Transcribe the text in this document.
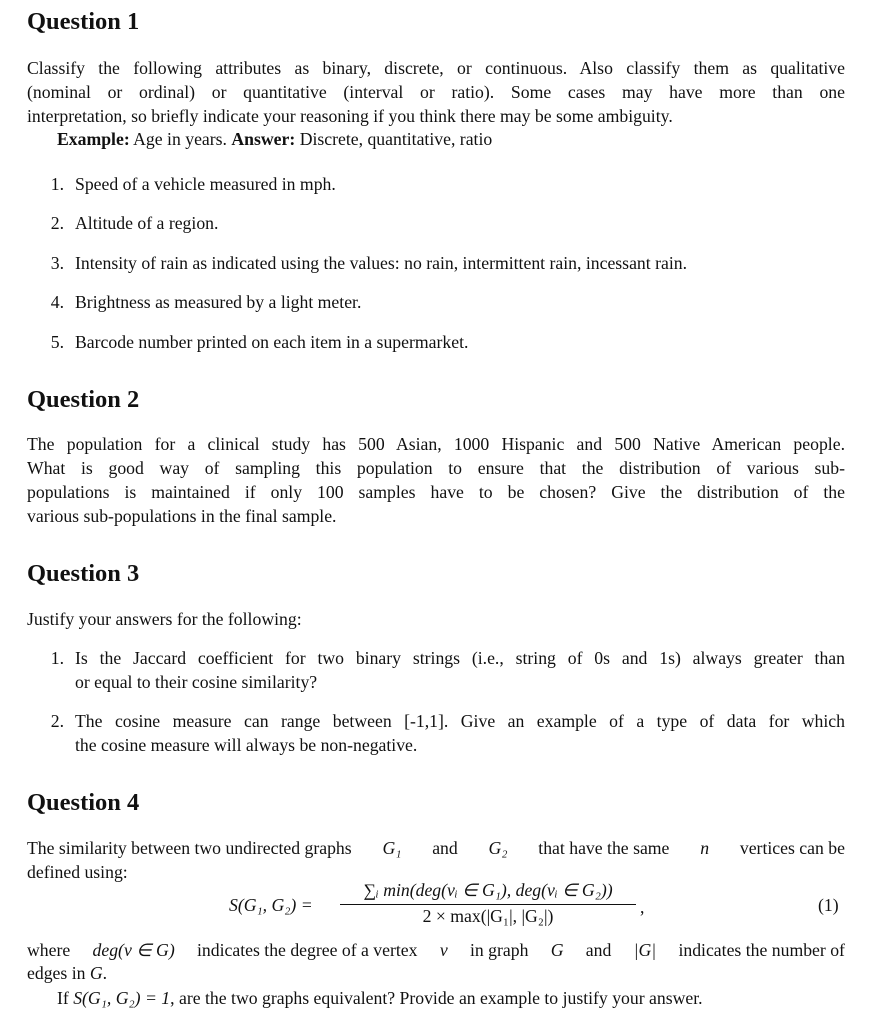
Question 1
Classify the following attributes as binary, discrete, or continuous. Also classify them as qualitative
(nominal or ordinal) or quantitative (interval or ratio). Some cases may have more than one
interpretation, so briefly indicate your reasoning if you think there may be some ambiguity.
Example: Age in years. Answer: Discrete, quantitative, ratio
1. Speed of a vehicle measured in mph.
2. Altitude of a region.
3. Intensity of rain as indicated using the values: no rain, intermittent rain, incessant rain.
4. Brightness as measured by a light meter.
5. Barcode number printed on each item in a supermarket.
Question 2
The population for a clinical study has 500 Asian, 1000 Hispanic and 500 Native American people.
What is good way of sampling this population to ensure that the distribution of various sub-
populations is maintained if only 100 samples have to be chosen? Give the distribution of the
various sub-populations in the final sample.
Question 3
Justify your answers for the following:
1. Is the Jaccard coefficient for two binary strings (i.e., string of 0s and 1s) always greater than
or equal to their cosine similarity?
2. The cosine measure can range between [-1,1]. Give an example of a type of data for which
the cosine measure will always be non-negative.
Question 4
The similarity between two undirected graphs G₁ and G₂ that have the same n vertices can be
defined using:
S(G₁, G₂) =
∑ᵢ min(deg(vᵢ ∈ G₁), deg(vᵢ ∈ G₂))
2 × max(|G₁|, |G₂|)	,	(1)
where deg(v ∈ G) indicates the degree of a vertex v in graph G and |G| indicates the number of
edges in G.
If S(G₁, G₂) = 1, are the two graphs equivalent? Provide an example to justify your answer.
